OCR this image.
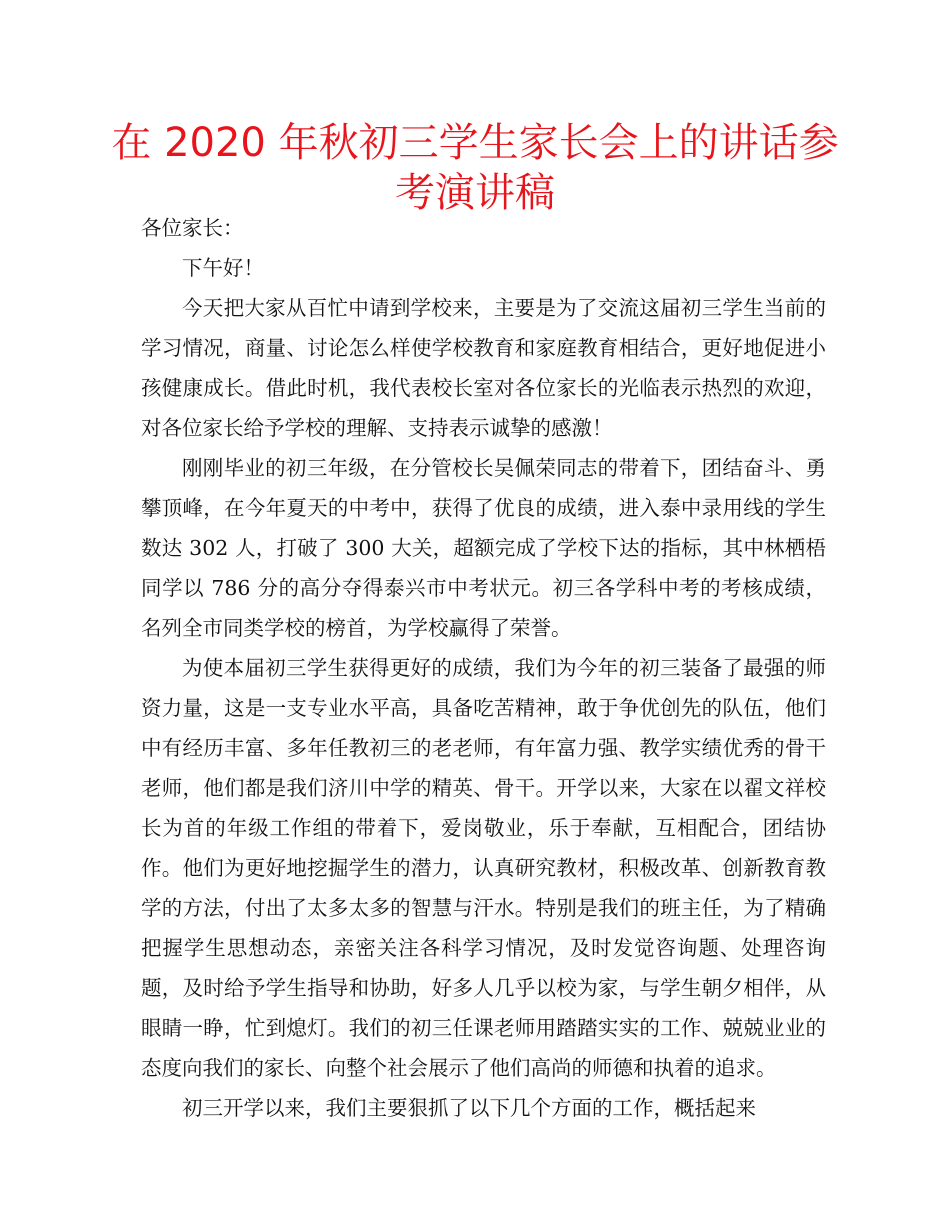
在 2020 年秋初三学生家长会上的讲话参考演讲稿

各位家长：

下午好！

今天把大家从百忙中请到学校来，主要是为了交流这届初三学生当前的学习情况，商量、讨论怎么样使学校教育和家庭教育相结合，更好地促进小孩健康成长。借此时机，我代表校长室对各位家长的光临表示热烈的欢迎，对各位家长给予学校的理解、支持表示诚挚的感激！

刚刚毕业的初三年级，在分管校长吴佩荣同志的带着下，团结奋斗、勇攀顶峰，在今年夏天的中考中，获得了优良的成绩，进入泰中录用线的学生数达 302 人，打破了 300 大关，超额完成了学校下达的指标，其中林栖梧同学以 786 分的高分夺得泰兴市中考状元。初三各学科中考的考核成绩，名列全市同类学校的榜首，为学校赢得了荣誉。

为使本届初三学生获得更好的成绩，我们为今年的初三装备了最强的师资力量，这是一支专业水平高，具备吃苦精神，敢于争优创先的队伍，他们中有经历丰富、多年任教初三的老老师，有年富力强、教学实绩优秀的骨干老师，他们都是我们济川中学的精英、骨干。开学以来，大家在以翟文祥校长为首的年级工作组的带着下，爱岗敬业，乐于奉献，互相配合，团结协作。他们为更好地挖掘学生的潜力，认真研究教材，积极改革、创新教育教学的方法，付出了太多太多的智慧与汗水。特别是我们的班主任，为了精确把握学生思想动态，亲密关注各科学习情况，及时发觉咨询题、处理咨询题，及时给予学生指导和协助，好多人几乎以校为家，与学生朝夕相伴，从眼睛一睁，忙到熄灯。我们的初三任课老师用踏踏实实的工作、兢兢业业的态度向我们的家长、向整个社会展示了他们高尚的师德和执着的追求。

初三开学以来，我们主要狠抓了以下几个方面的工作，概括起来
